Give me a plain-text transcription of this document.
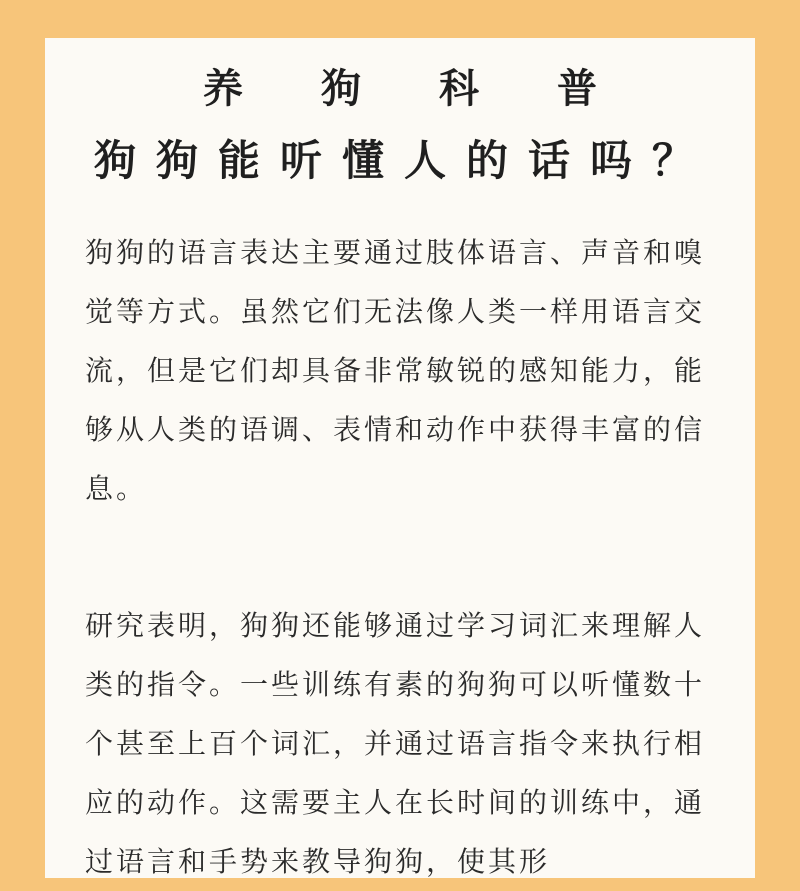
养狗科普
狗狗能听懂人的话吗？

狗狗的语言表达主要通过肢体语言、声音和嗅觉等方式。虽然它们无法像人类一样用语言交流，但是它们却具备非常敏锐的感知能力，能够从人类的语调、表情和动作中获得丰富的信息。

研究表明，狗狗还能够通过学习词汇来理解人类的指令。一些训练有素的狗狗可以听懂数十个甚至上百个词汇，并通过语言指令来执行相应的动作。这需要主人在长时间的训练中，通过语言和手势来教导狗狗，使其形
